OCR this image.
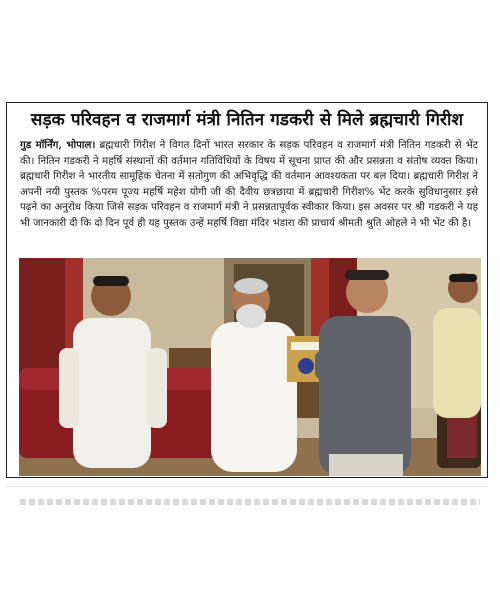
सड़क परिवहन व राजमार्ग मंत्री नितिन गडकरी से मिले ब्रह्मचारी गिरीश
गुड मॉर्निंग, भोपाल। ब्रह्मचारी गिरीश ने विगत दिनों भारत सरकार के सड़क परिवहन व राजमार्ग मंत्री नितिन गडकरी से भेंट की। नितिन गडकरी ने महर्षि संस्थानों की वर्तमान गतिविधियों के विषय में सूचना प्राप्त की और प्रसन्नता व संतोष व्यक्त किया। ब्रह्मचारी गिरीश ने भारतीय सामूहिक चेतना में सतोगुण की अभिवृद्धि की वर्तमान आवश्यकता पर बल दिया। ब्रह्मचारी गिरीश ने अपनी नयी पुस्तक %परम पूज्य महर्षि महेश योगी जी की दैवीय छत्रछाया में ब्रह्मचारी गिरीश% भेंट करके सुविधानुसार इसे पढ़ने का अनुरोध किया जिसे सड़क परिवहन व राजमार्ग मंत्री ने प्रसन्नतापूर्वक स्वीकार किया। इस अवसर पर श्री गडकरी ने यह भी जानकारी दी कि दो दिन पूर्व ही यह पुस्तक उन्हें महर्षि विद्या मंदिर भंडारा की प्राचार्य श्रीमती श्रुति ओहले ने भी भेंट की है।
